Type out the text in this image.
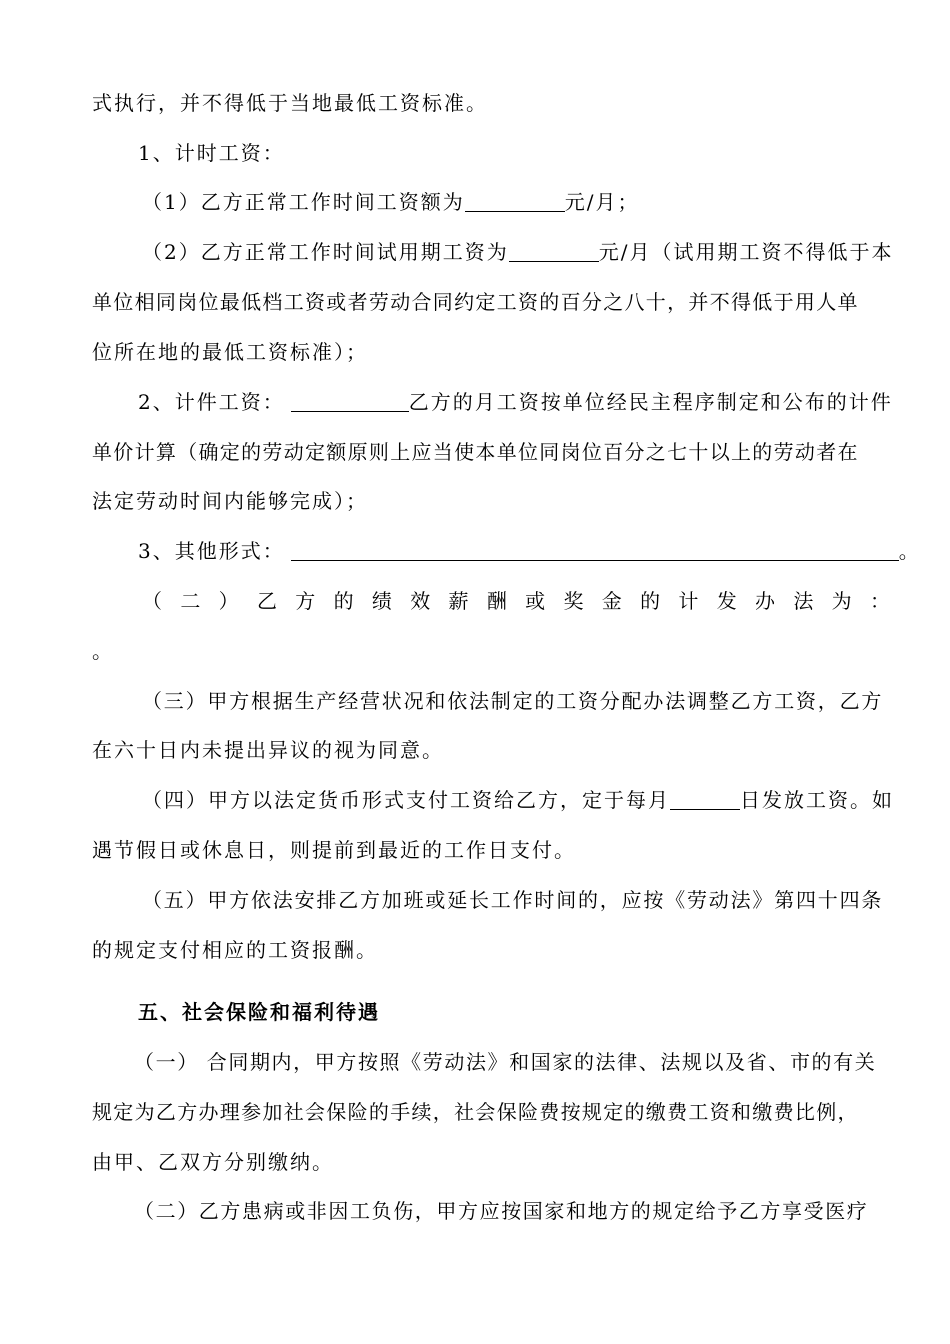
式执行，并不得低于当地最低工资标准。
1、计时工资：
（1）乙方正常工作时间工资额为	元/月；
（2）乙方正常工作时间试用期工资为	元/月（试用期工资不得低于本
单位相同岗位最低档工资或者劳动合同约定工资的百分之八十，并不得低于用人单
位所在地的最低工资标准）；
2、计件工资：	乙方的月工资按单位经民主程序制定和公布的计件
单价计算（确定的劳动定额原则上应当使本单位同岗位百分之七十以上的劳动者在
法定劳动时间内能够完成）；
3、其他形式：	。
（ 二 ） 乙 方 的 绩 效 薪 酬 或 奖 金 的 计 发 办 法 为 ：
。
（三）甲方根据生产经营状况和依法制定的工资分配办法调整乙方工资，乙方
在六十日内未提出异议的视为同意。
（四）甲方以法定货币形式支付工资给乙方，定于每月	日发放工资。如
遇节假日或休息日，则提前到最近的工作日支付。
（五）甲方依法安排乙方加班或延长工作时间的，应按《劳动法》第四十四条
的规定支付相应的工资报酬。
五、社会保险和福利待遇
（一） 合同期内，甲方按照《劳动法》和国家的法律、法规以及省、市的有关
规定为乙方办理参加社会保险的手续，社会保险费按规定的缴费工资和缴费比例，
由甲、乙双方分别缴纳。
（二）乙方患病或非因工负伤，甲方应按国家和地方的规定给予乙方享受医疗
